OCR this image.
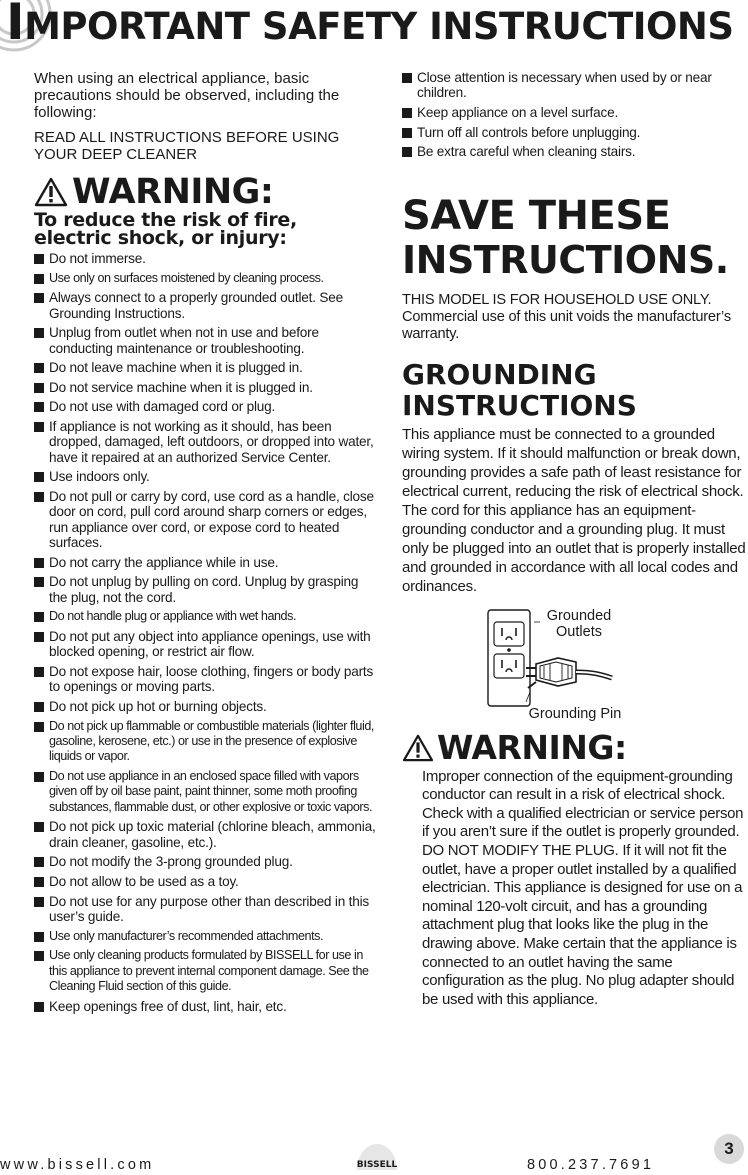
IMPORTANT SAFETY INSTRUCTIONS

When using an electrical appliance, basic precautions should be observed, including the following:

READ ALL INSTRUCTIONS BEFORE USING YOUR DEEP CLEANER

WARNING:
To reduce the risk of fire, electric shock, or injury:
Do not immerse.
Use only on surfaces moistened by cleaning process.
Always connect to a properly grounded outlet. See Grounding Instructions.
Unplug from outlet when not in use and before conducting maintenance or troubleshooting.
Do not leave machine when it is plugged in.
Do not service machine when it is plugged in.
Do not use with damaged cord or plug.
If appliance is not working as it should, has been dropped, damaged, left outdoors, or dropped into water, have it repaired at an authorized Service Center.
Use indoors only.
Do not pull or carry by cord, use cord as a handle, close door on cord, pull cord around sharp corners or edges, run appliance over cord, or expose cord to heated surfaces.
Do not carry the appliance while in use.
Do not unplug by pulling on cord. Unplug by grasping the plug, not the cord.
Do not handle plug or appliance with wet hands.
Do not put any object into appliance openings, use with blocked opening, or restrict air flow.
Do not expose hair, loose clothing, fingers or body parts to openings or moving parts.
Do not pick up hot or burning objects.
Do not pick up flammable or combustible materials (lighter fluid, gasoline, kerosene, etc.) or use in the presence of explosive liquids or vapor.
Do not use appliance in an enclosed space filled with vapors given off by oil base paint, paint thinner, some moth proofing substances, flammable dust, or other explosive or toxic vapors.
Do not pick up toxic material (chlorine bleach, ammonia, drain cleaner, gasoline, etc.).
Do not modify the 3-prong grounded plug.
Do not allow to be used as a toy.
Do not use for any purpose other than described in this user’s guide.
Use only manufacturer’s recommended attachments.
Use only cleaning products formulated by BISSELL for use in this appliance to prevent internal component damage. See the Cleaning Fluid section of this guide.
Keep openings free of dust, lint, hair, etc.
Close attention is necessary when used by or near children.
Keep appliance on a level surface.
Turn off all controls before unplugging.
Be extra careful when cleaning stairs.
SAVE THESE
INSTRUCTIONS.

THIS MODEL IS FOR HOUSEHOLD USE ONLY. Commercial use of this unit voids the manufacturer’s warranty.

GROUNDING
INSTRUCTIONS

This appliance must be connected to a grounded wiring system. If it should malfunction or break down, grounding provides a safe path of least resistance for electrical current, reducing the risk of electrical shock. The cord for this appliance has an equipment-grounding conductor and a grounding plug. It must only be plugged into an outlet that is properly installed and grounded in accordance with all local codes and ordinances.

Grounded
Outlets
Grounding Pin
WARNING:

Improper connection of the equipment-grounding conductor can result in a risk of electrical shock. Check with a qualified electrician or service person if you aren’t sure if the outlet is properly grounded. DO NOT MODIFY THE PLUG. If it will not fit the outlet, have a proper outlet installed by a qualified electrician. This appliance is designed for use on a nominal 120-volt circuit, and has a grounding attachment plug that looks like the plug in the drawing above. Make certain that the appliance is connected to an outlet having the same configuration as the plug. No plug adapter should be used with this appliance.

www.bissell.com	BISSELL	800.237.7691
3
